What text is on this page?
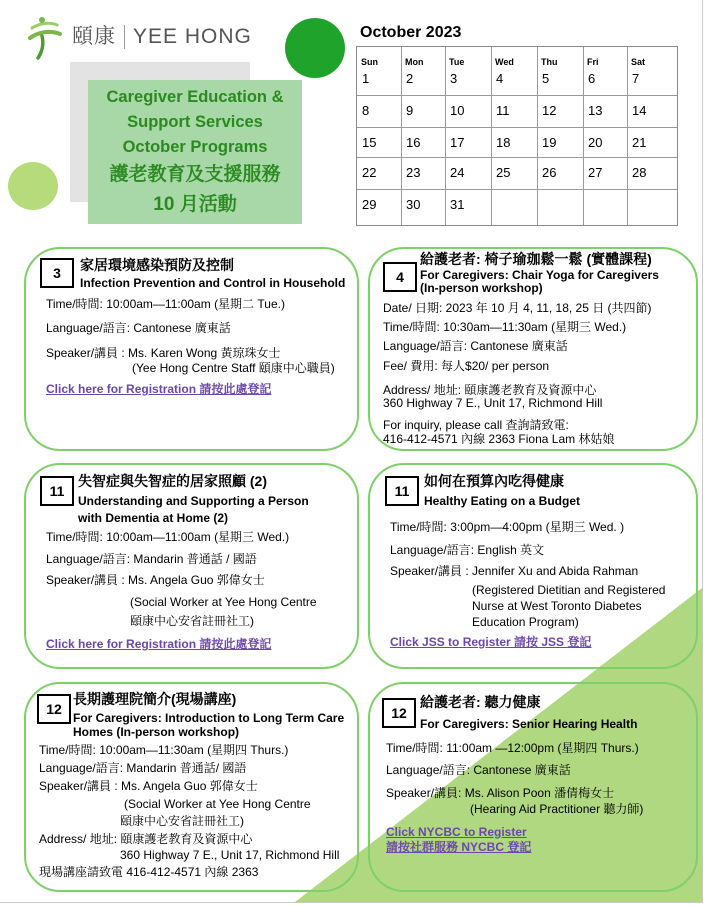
頤康 YEE HONG
Caregiver Education &
Support Services
October Programs
護老教育及支援服務
10 月活動
October 2023
Sun	Mon	Tue	Wed	Thu	Fri	Sat
1	2	3	4	5	6	7
8	9	10 11	12 13 14
15 16 17 18 19 20 21
22 23 24 25 26 27 28
29 30 31
3	家居環境感染預防及控制
Infection Prevention and Control in Household
Time/時間: 10:00am—11:00am (星期二 Tue.)
Language/語言: Cantonese 廣東話
Speaker/講員 : Ms. Karen Wong 黃琼珠女士
(Yee Hong Centre Staff 頤康中心職員)
Click here for Registration 請按此處登記
4
給護老者: 椅子瑜珈鬆一鬆 (實體課程)
For Caregivers: Chair Yoga for Caregivers
(In-person workshop)
Date/ 日期: 2023 年 10 月 4, 11, 18, 25 日 (共四節)
Time/時間: 10:30am—11:30am (星期三 Wed.)
Language/語言: Cantonese 廣東話
Fee/ 費用: 每人$20/ per person
Address/ 地址: 頤康護老教育及資源中心
360 Highway 7 E., Unit 17, Richmond Hill
For inquiry, please call 查詢請致電:
416-412-4571 內線 2363 Fiona Lam 林姑娘
11
失智症與失智症的居家照顧 (2)
Understanding and Supporting a Person
with Dementia at Home (2)
Time/時間: 10:00am—11:00am (星期三 Wed.)
Language/語言: Mandarin 普通話 / 國語
Speaker/講員 : Ms. Angela Guo 郭偉女士
(Social Worker at Yee Hong Centre
頤康中心安省註冊社工)
Click here for Registration 請按此處登記
11
如何在預算內吃得健康
Healthy Eating on a Budget
Time/時間: 3:00pm—4:00pm (星期三 Wed. )
Language/語言: English 英文
Speaker/講員 : Jennifer Xu and Abida Rahman
(Registered Dietitian and Registered
Nurse at West Toronto Diabetes
Education Program)
Click JSS to Register 請按 JSS 登記
12
長期護理院簡介(現場講座)
For Caregivers: Introduction to Long Term Care
Homes (In-person workshop)
Time/時間: 10:00am—11:30am (星期四 Thurs.)
Language/語言: Mandarin 普通話/ 國語
Speaker/講員 : Ms. Angela Guo 郭偉女士
(Social Worker at Yee Hong Centre
頤康中心安省註冊社工)
Address/ 地址: 頤康護老教育及資源中心
360 Highway 7 E., Unit 17, Richmond Hill
現場講座請致電 416-412-4571 內線 2363
12
給護老者: 聽力健康
For Caregivers: Senior Hearing Health
Time/時間: 11:00am —12:00pm (星期四 Thurs.)
Language/語言: Cantonese 廣東話
Speaker/講員: Ms. Alison Poon 潘倩梅女士
(Hearing Aid Practitioner 聽力師)
Click NYCBC to Register
請按社群服務 NYCBC 登記
